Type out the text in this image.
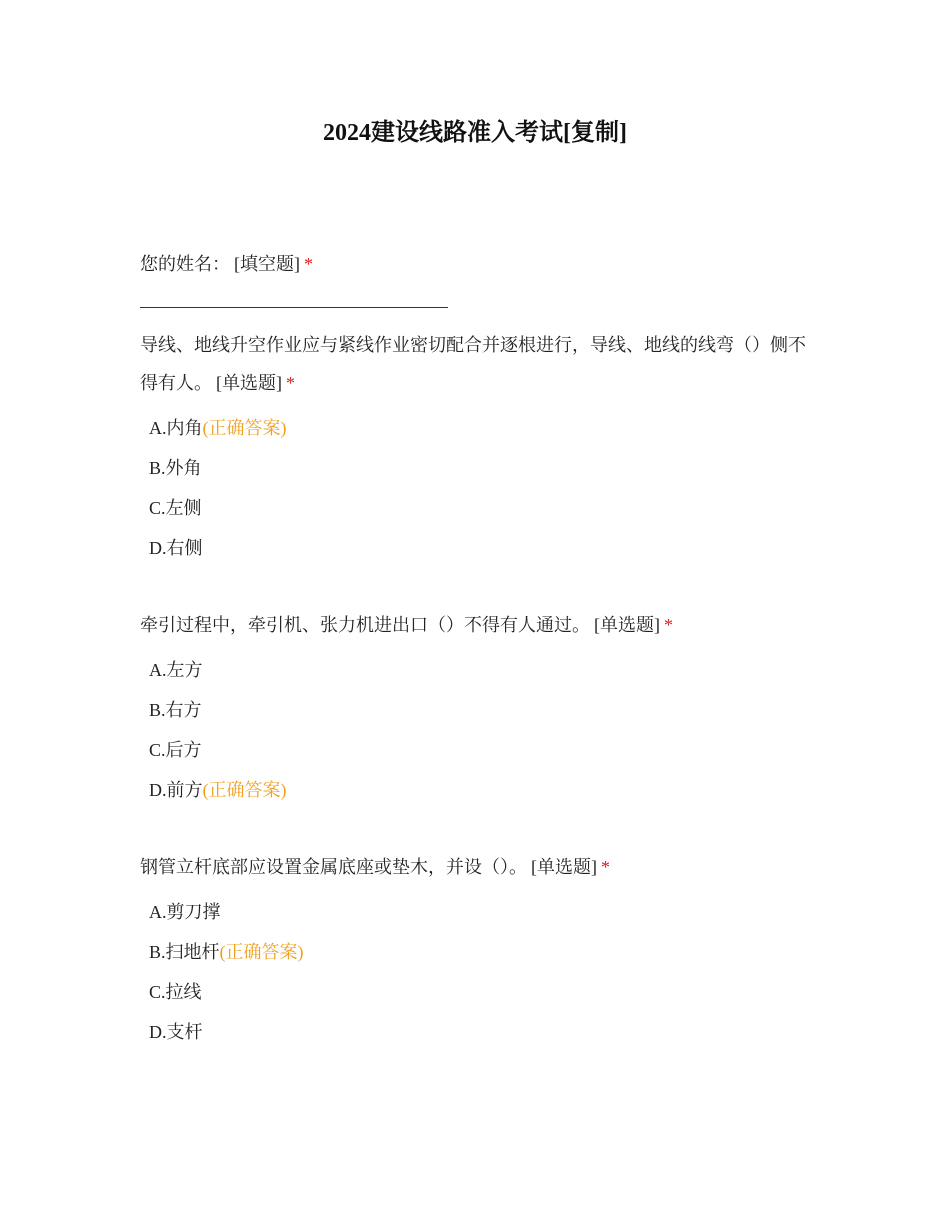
2024建设线路准入考试[复制]
您的姓名： [填空题] *
导线、地线升空作业应与紧线作业密切配合并逐根进行，导线、地线的线弯（）侧不得有人。 [单选题] *
A.内角(正确答案)
B.外角
C.左侧
D.右侧
牵引过程中，牵引机、张力机进出口（）不得有人通过。 [单选题] *
A.左方
B.右方
C.后方
D.前方(正确答案)
钢管立杆底部应设置金属底座或垫木，并设（）。 [单选题] *
A.剪刀撑
B.扫地杆(正确答案)
C.拉线
D.支杆
